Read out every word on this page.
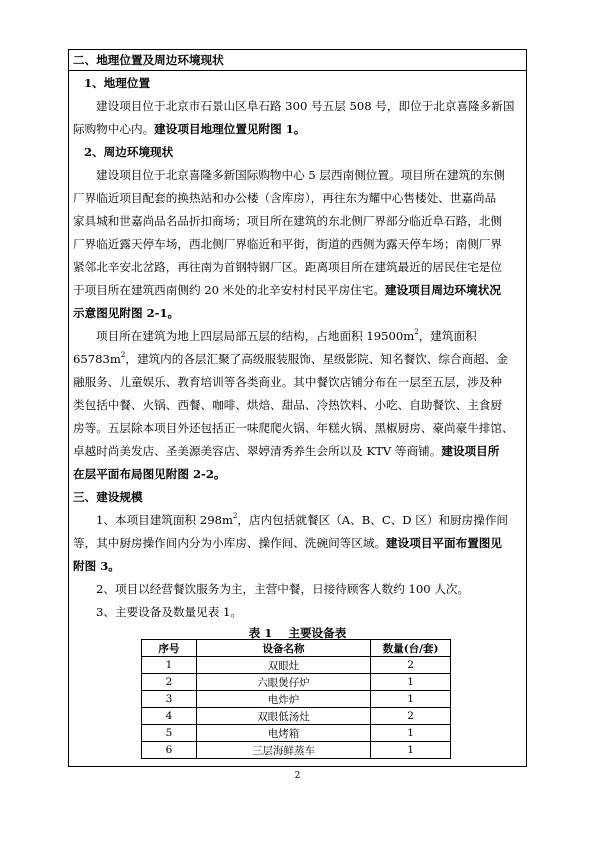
二、地理位置及周边环境现状
1、地理位置
建设项目位于北京市石景山区阜石路 300 号五层 508 号，即位于北京喜隆多新国
际购物中心内。建设项目地理位置见附图 1。
2、周边环境现状
建设项目位于北京喜隆多新国际购物中心 5 层西南侧位置。项目所在建筑的东侧
厂界临近项目配套的换热站和办公楼（含库房），再往东为耀中心售楼处、世嘉尚品
家具城和世嘉尚品名品折扣商场；项目所在建筑的东北侧厂界部分临近阜石路，北侧
厂界临近露天停车场，西北侧厂界临近和平街，街道的西侧为露天停车场；南侧厂界
紧邻北辛安北岔路，再往南为首钢特钢厂区。距离项目所在建筑最近的居民住宅是位
于项目所在建筑西南侧约 20 米处的北辛安村村民平房住宅。建设项目周边环境状况
示意图见附图 2-1。
项目所在建筑为地上四层局部五层的结构，占地面积 $19500m^2$，建筑面积
$65783m^2$，建筑内的各层汇聚了高级服装服饰、星级影院、知名餐饮、综合商超、金
融服务、儿童娱乐、教育培训等各类商业。其中餐饮店铺分布在一层至五层，涉及种
类包括中餐、火锅、西餐、咖啡、烘焙、甜品、冷热饮料、小吃、自助餐饮、主食厨
房等。五层除本项目外还包括正一味爬爬火锅、年糕火锅、黑椒厨房、豪尚豪牛排馆、
卓越时尚美发店、圣美源美容店、翠婷清秀养生会所以及 KTV 等商铺。建设项目所
在层平面布局图见附图 2-2。
三、建设规模
1、本项目建筑面积 $298m^2$，店内包括就餐区（A、B、C、D 区）和厨房操作间
等，其中厨房操作间内分为小库房、操作间、洗碗间等区域。建设项目平面布置图见
附图 3。
2、项目以经营餐饮服务为主，主营中餐，日接待顾客人数约 100 人次。
3、主要设备及数量见表 1。
表 1 主要设备表
序号	设备名称	数量(台/套)
1	双眼灶	2
2	六眼煲仔炉	1
3	电炸炉	1
4	双眼低汤灶	2
5	电烤箱	1
6	三层海鲜蒸车	1
2
